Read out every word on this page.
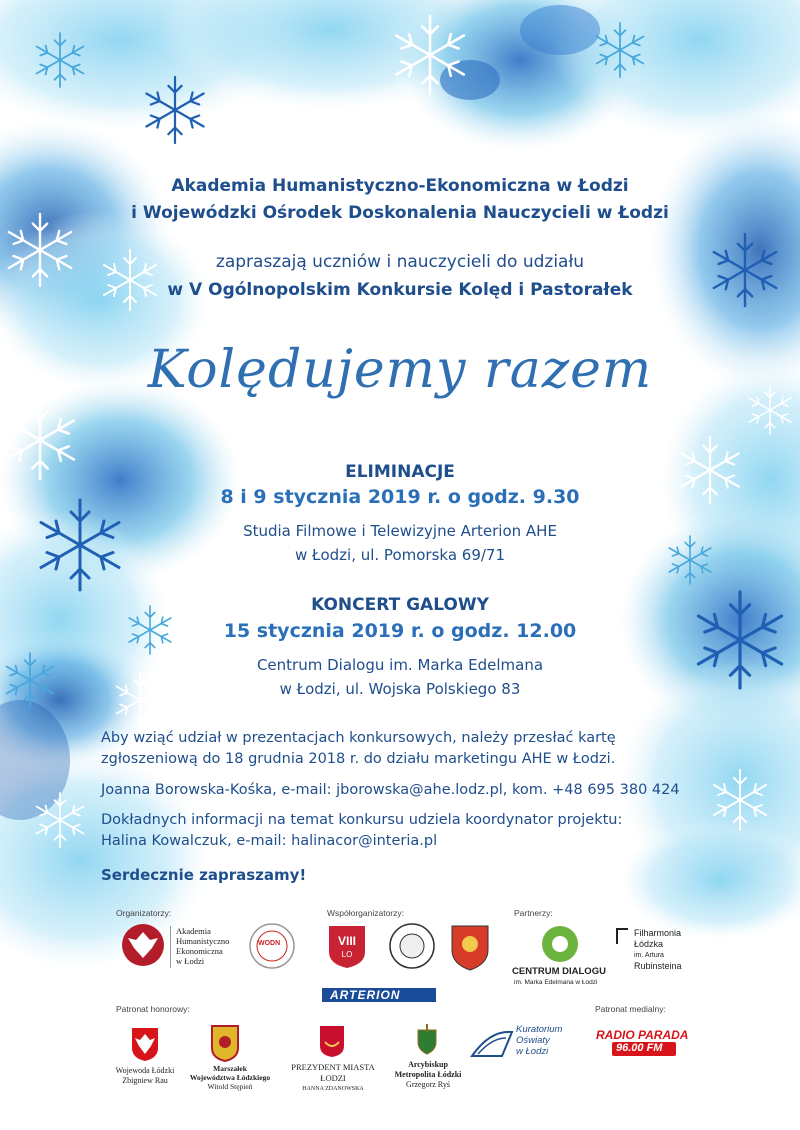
Akademia Humanistyczno-Ekonomiczna w Łodzi
i Wojewódzki Ośrodek Doskonalenia Nauczycieli w Łodzi
zapraszają uczniów i nauczycieli do udziału
w V Ogólnopolskim Konkursie Kolęd i Pastorałek
Kolędujemy razem
ELIMINACJE
8 i 9 stycznia 2019 r. o godz. 9.30
Studia Filmowe i Telewizyjne Arterion AHE
w Łodzi, ul. Pomorska 69/71
KONCERT GALOWY
15 stycznia 2019 r. o godz. 12.00
Centrum Dialogu im. Marka Edelmana
w Łodzi, ul. Wojska Polskiego 83
Aby wziąć udział w prezentacjach konkursowych, należy przesłać kartę
zgłoszeniową do 18 grudnia 2018 r. do działu marketingu AHE w Łodzi.
Joanna Borowska-Kośka, e-mail: jborowska@ahe.lodz.pl, kom. +48 695 380 424
Dokładnych informacji na temat konkursu udziela koordynator projektu:
Halina Kowalczuk, e-mail: halinacor@interia.pl
Serdecznie zapraszamy!
Organizatorzy:	Współorganizatorzy:	Partnerzy:
Patronat honorowy:	Patronat medialny:
Akademia
Humanistyczno
Ekonomiczna
w Łodzi
WODN	VIII
LO
CENTRUM DIALOGU
im. Marka Edelmana w Łodzi
Filharmonia
Łódzka
im. Artura
Rubinsteina
ARTERION
Wojewoda Łódzki
Zbigniew Rau
Marszałek
Województwa Łódzkiego
Witold Stępień
PREZYDENT MIASTA ŁODZI
HANNA ZDANOWSKA
Arcybiskup
Metropolita Łódzki
Grzegorz Ryś
Kuratorium
Oświaty
w Łodzi
RADIO PARADA
96.00 FM
